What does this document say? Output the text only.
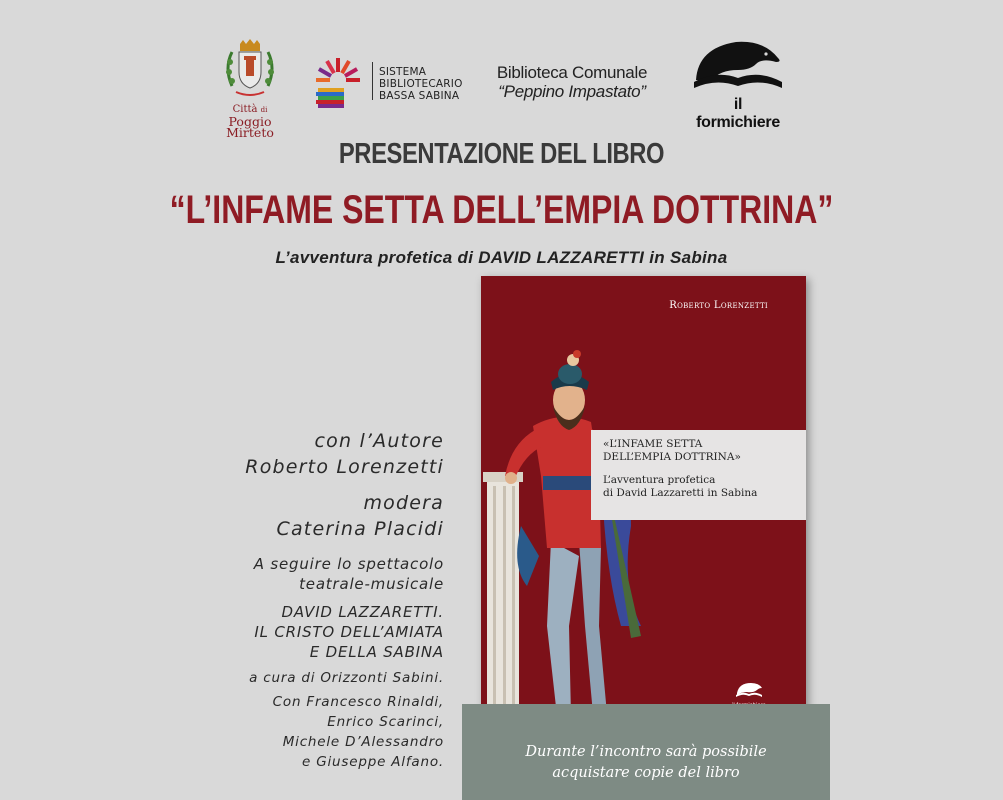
Città di
Poggio Mirteto
SISTEMA
BIBLIOTECARIO
BASSA SABINA
Biblioteca Comunale
“Peppino Impastato”
il formichiere
PRESENTAZIONE DEL LIBRO
“L’INFAME SETTA DELL’EMPIA DOTTRINA”
L’avventura profetica di DAVID LAZZARETTI in Sabina
Roberto Lorenzetti
«L’INFAME SETTA
DELL’EMPIA DOTTRINA»
L’avventura profetica
di David Lazzaretti in Sabina
Durante l’incontro sarà possibile
acquistare copie del libro
con l’Autore
Roberto Lorenzetti
modera
Caterina Placidi
A seguire lo spettacolo
teatrale-musicale
DAVID LAZZARETTI.
IL CRISTO DELL’AMIATA
E DELLA SABINA
a cura di Orizzonti Sabini.
Con Francesco Rinaldi,
Enrico Scarinci,
Michele D’Alessandro
e Giuseppe Alfano.
